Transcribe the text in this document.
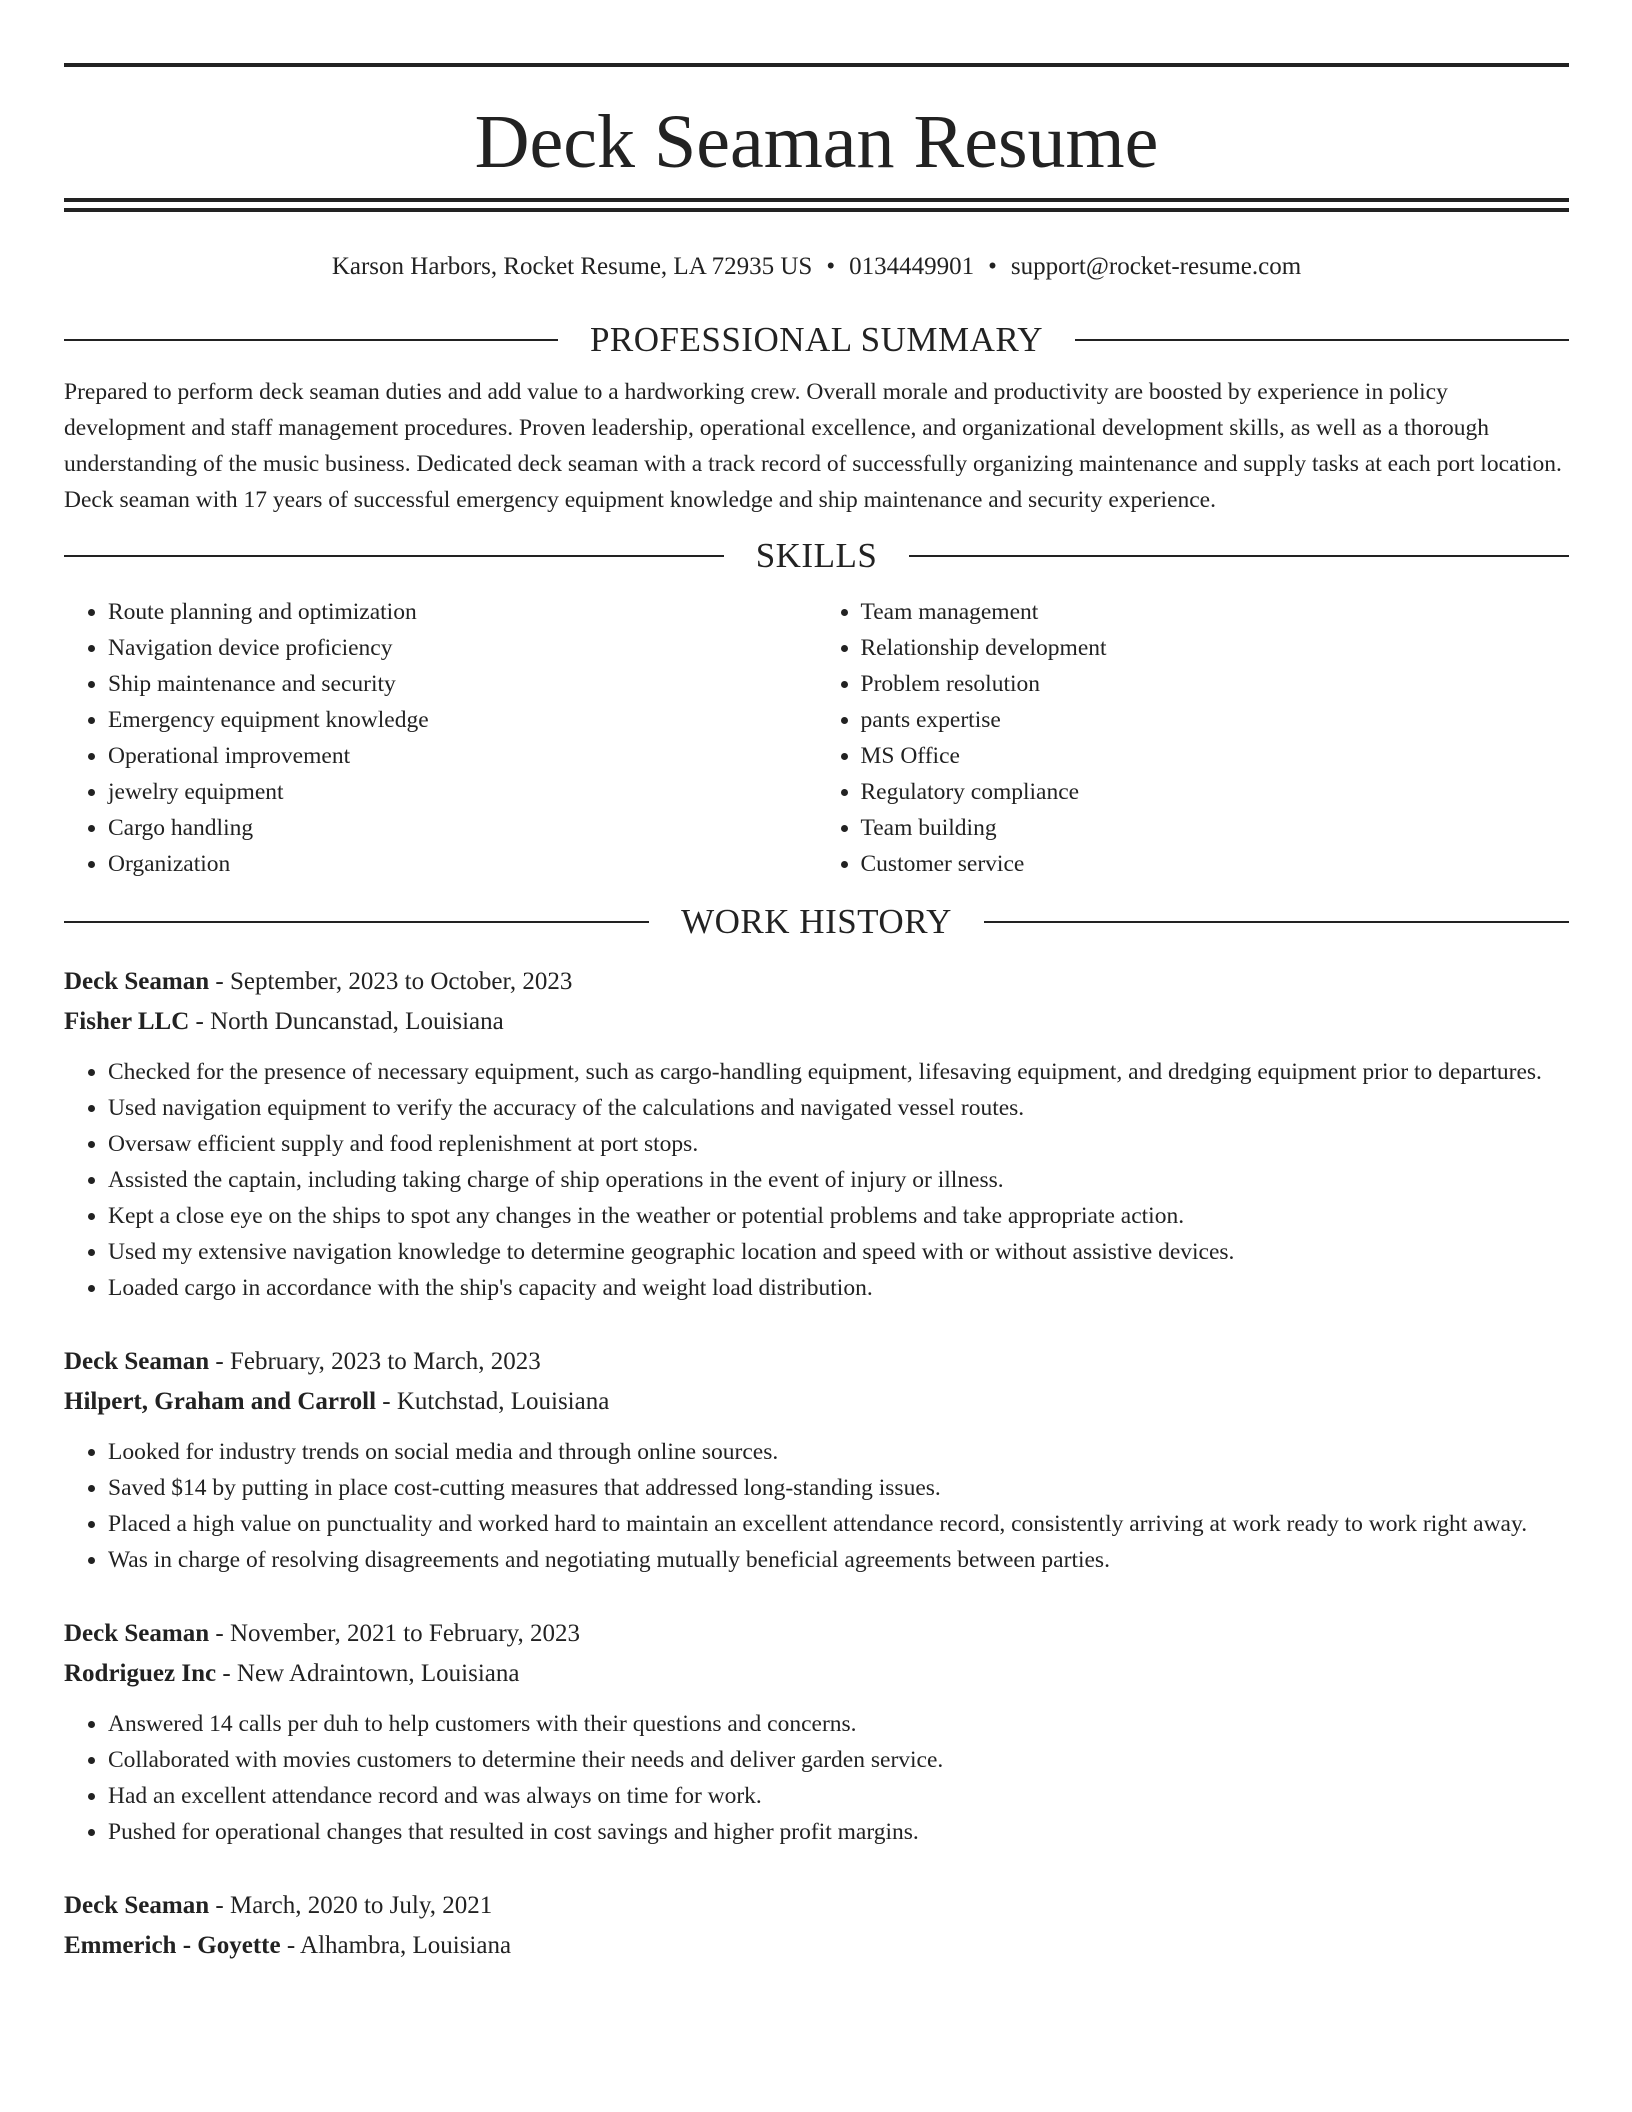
Deck Seaman Resume
Karson Harbors, Rocket Resume, LA 72935 US • 0134449901 • support@rocket-resume.com
PROFESSIONAL SUMMARY

Prepared to perform deck seaman duties and add value to a hardworking crew. Overall morale and productivity are boosted by experience in policy development and staff management procedures. Proven leadership, operational excellence, and organizational development skills, as well as a thorough understanding of the music business. Dedicated deck seaman with a track record of successfully organizing maintenance and supply tasks at each port location. Deck seaman with 17 years of successful emergency equipment knowledge and ship maintenance and security experience.

SKILLS
• Route planning and optimization
• Navigation device proficiency
• Ship maintenance and security
• Emergency equipment knowledge
• Operational improvement
• jewelry equipment
• Cargo handling
• Organization
• Team management
• Relationship development
• Problem resolution
• pants expertise
• MS Office
• Regulatory compliance
• Team building
• Customer service
WORK HISTORY
Deck Seaman - September, 2023 to October, 2023
Fisher LLC - North Duncanstad, Louisiana
• Checked for the presence of necessary equipment, such as cargo-handling equipment, lifesaving equipment, and dredging equipment prior to departures.
• Used navigation equipment to verify the accuracy of the calculations and navigated vessel routes.
• Oversaw efficient supply and food replenishment at port stops.
• Assisted the captain, including taking charge of ship operations in the event of injury or illness.
• Kept a close eye on the ships to spot any changes in the weather or potential problems and take appropriate action.
• Used my extensive navigation knowledge to determine geographic location and speed with or without assistive devices.
• Loaded cargo in accordance with the ship's capacity and weight load distribution.
Deck Seaman - February, 2023 to March, 2023
Hilpert, Graham and Carroll - Kutchstad, Louisiana
• Looked for industry trends on social media and through online sources.
• Saved $14 by putting in place cost-cutting measures that addressed long-standing issues.
• Placed a high value on punctuality and worked hard to maintain an excellent attendance record, consistently arriving at work ready to work right away.
• Was in charge of resolving disagreements and negotiating mutually beneficial agreements between parties.
Deck Seaman - November, 2021 to February, 2023
Rodriguez Inc - New Adraintown, Louisiana
• Answered 14 calls per duh to help customers with their questions and concerns.
• Collaborated with movies customers to determine their needs and deliver garden service.
• Had an excellent attendance record and was always on time for work.
• Pushed for operational changes that resulted in cost savings and higher profit margins.
Deck Seaman - March, 2020 to July, 2021
Emmerich - Goyette - Alhambra, Louisiana
